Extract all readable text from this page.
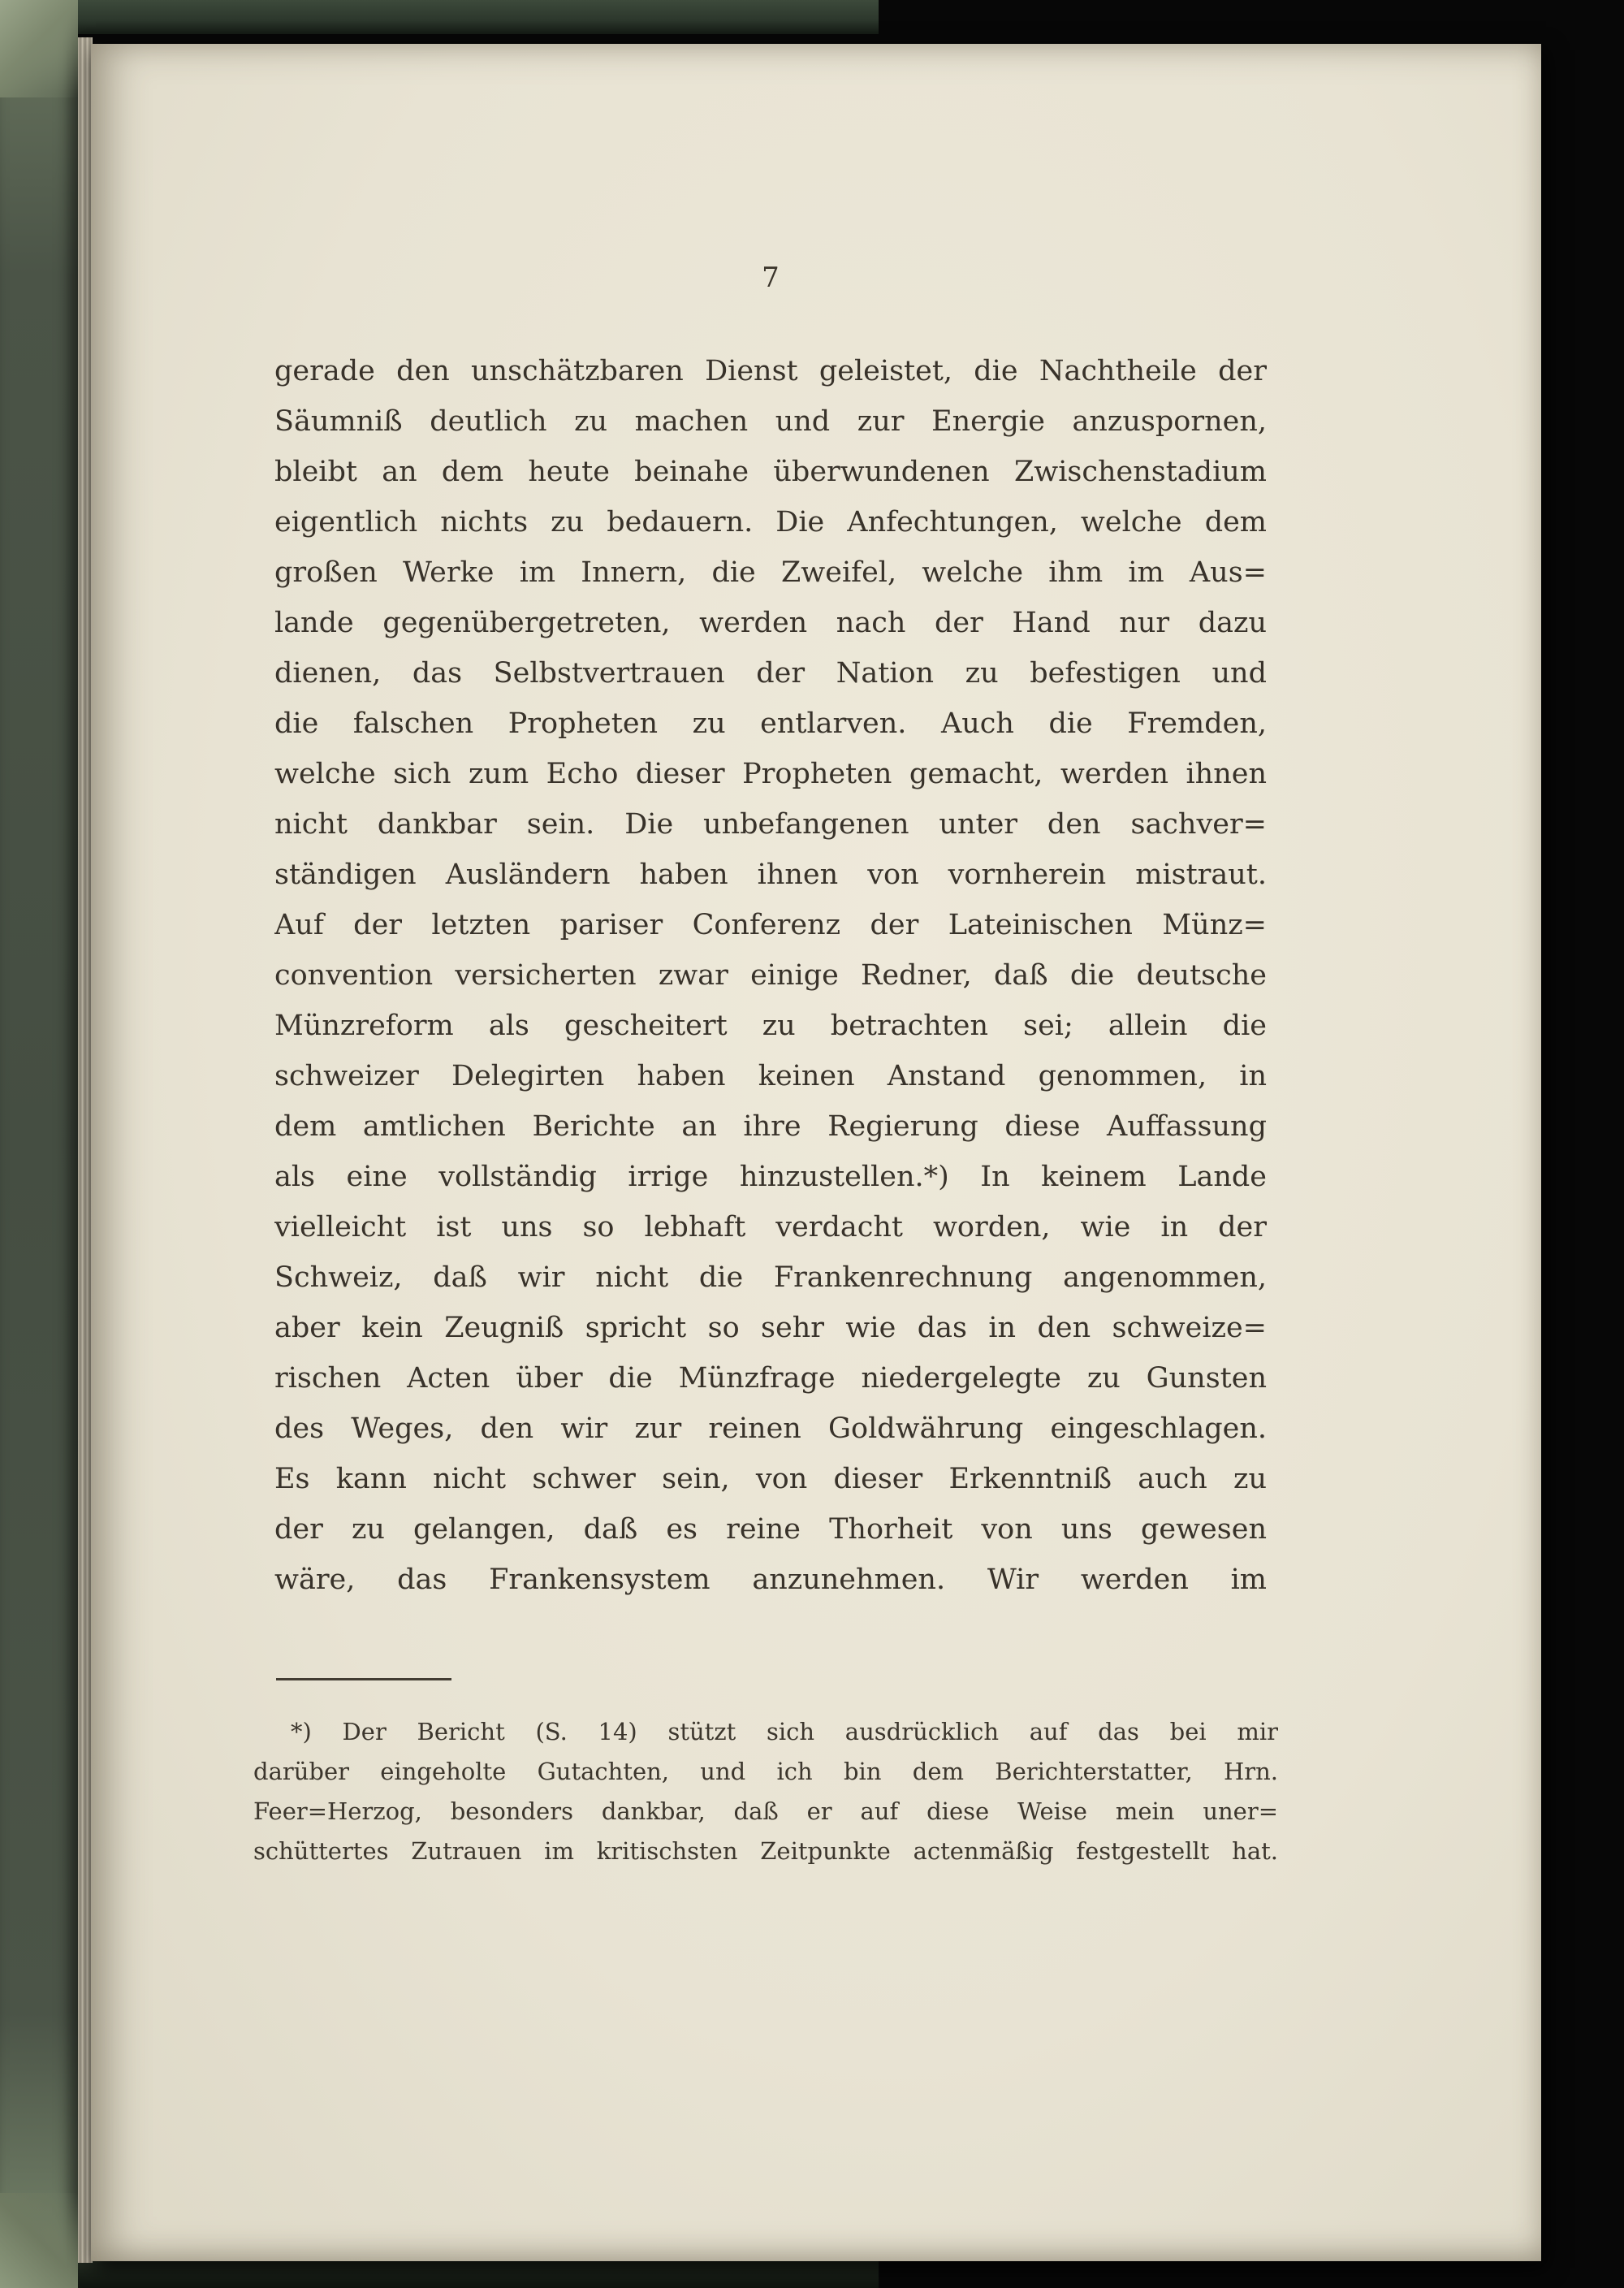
7
gerade den unschätzbaren Dienst geleistet, die Nachtheile der
Säumniß deutlich zu machen und zur Energie anzuspornen,
bleibt an dem heute beinahe überwundenen Zwischenstadium
eigentlich nichts zu bedauern. Die Anfechtungen, welche dem
großen Werke im Innern, die Zweifel, welche ihm im Aus=
lande gegenübergetreten, werden nach der Hand nur dazu
dienen, das Selbstvertrauen der Nation zu befestigen und
die falschen Propheten zu entlarven. Auch die Fremden,
welche sich zum Echo dieser Propheten gemacht, werden ihnen
nicht dankbar sein. Die unbefangenen unter den sachver=
ständigen Ausländern haben ihnen von vornherein mistraut.
Auf der letzten pariser Conferenz der Lateinischen Münz=
convention versicherten zwar einige Redner, daß die deutsche
Münzreform als gescheitert zu betrachten sei; allein die
schweizer Delegirten haben keinen Anstand genommen, in
dem amtlichen Berichte an ihre Regierung diese Auffassung
als eine vollständig irrige hinzustellen.*) In keinem Lande
vielleicht ist uns so lebhaft verdacht worden, wie in der
Schweiz, daß wir nicht die Frankenrechnung angenommen,
aber kein Zeugniß spricht so sehr wie das in den schweize=
rischen Acten über die Münzfrage niedergelegte zu Gunsten
des Weges, den wir zur reinen Goldwährung eingeschlagen.
Es kann nicht schwer sein, von dieser Erkenntniß auch zu
der zu gelangen, daß es reine Thorheit von uns gewesen
wäre, das Frankensystem anzunehmen. Wir werden im
*) Der Bericht (S. 14) stützt sich ausdrücklich auf das bei mir
darüber eingeholte Gutachten, und ich bin dem Berichterstatter, Hrn.
Feer=Herzog, besonders dankbar, daß er auf diese Weise mein uner=
schüttertes Zutrauen im kritischsten Zeitpunkte actenmäßig festgestellt hat.
